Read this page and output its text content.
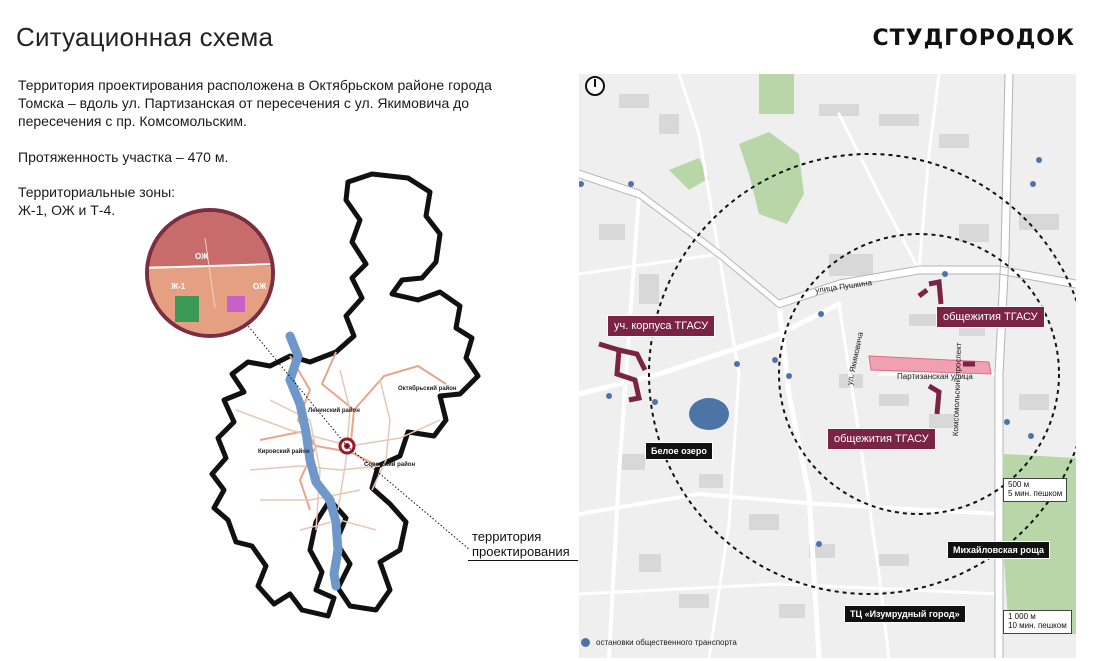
Ситуационная схема	СТУДГОРОДОК

Территория проектирования расположена в Октябрьском районе города Томска – вдоль ул. Партизанская от пересечения с ул. Якимовича до пересечения с пр. Комсомольским.

Протяженность участка – 470 м.

Территориальные зоны:
Ж-1, ОЖ и Т-4.

Октябрьский район
Ленинский район
Кировский район
Советский район
ОЖ
Ж-1	ОЖ
территория

проектирования
уч. корпуса ТГАСУ
общежития ТГАСУ
общежития ТГАСУ
Белое озеро
Михайловская роща
ТЦ «Изумрудный город»
улица Пушкина
Партизанская улица
Комсомольский проспект
ул. Якимовича
500 м
5 мин. пешком
1 000 м
10 мин. пешком
остановки общественного транспорта
